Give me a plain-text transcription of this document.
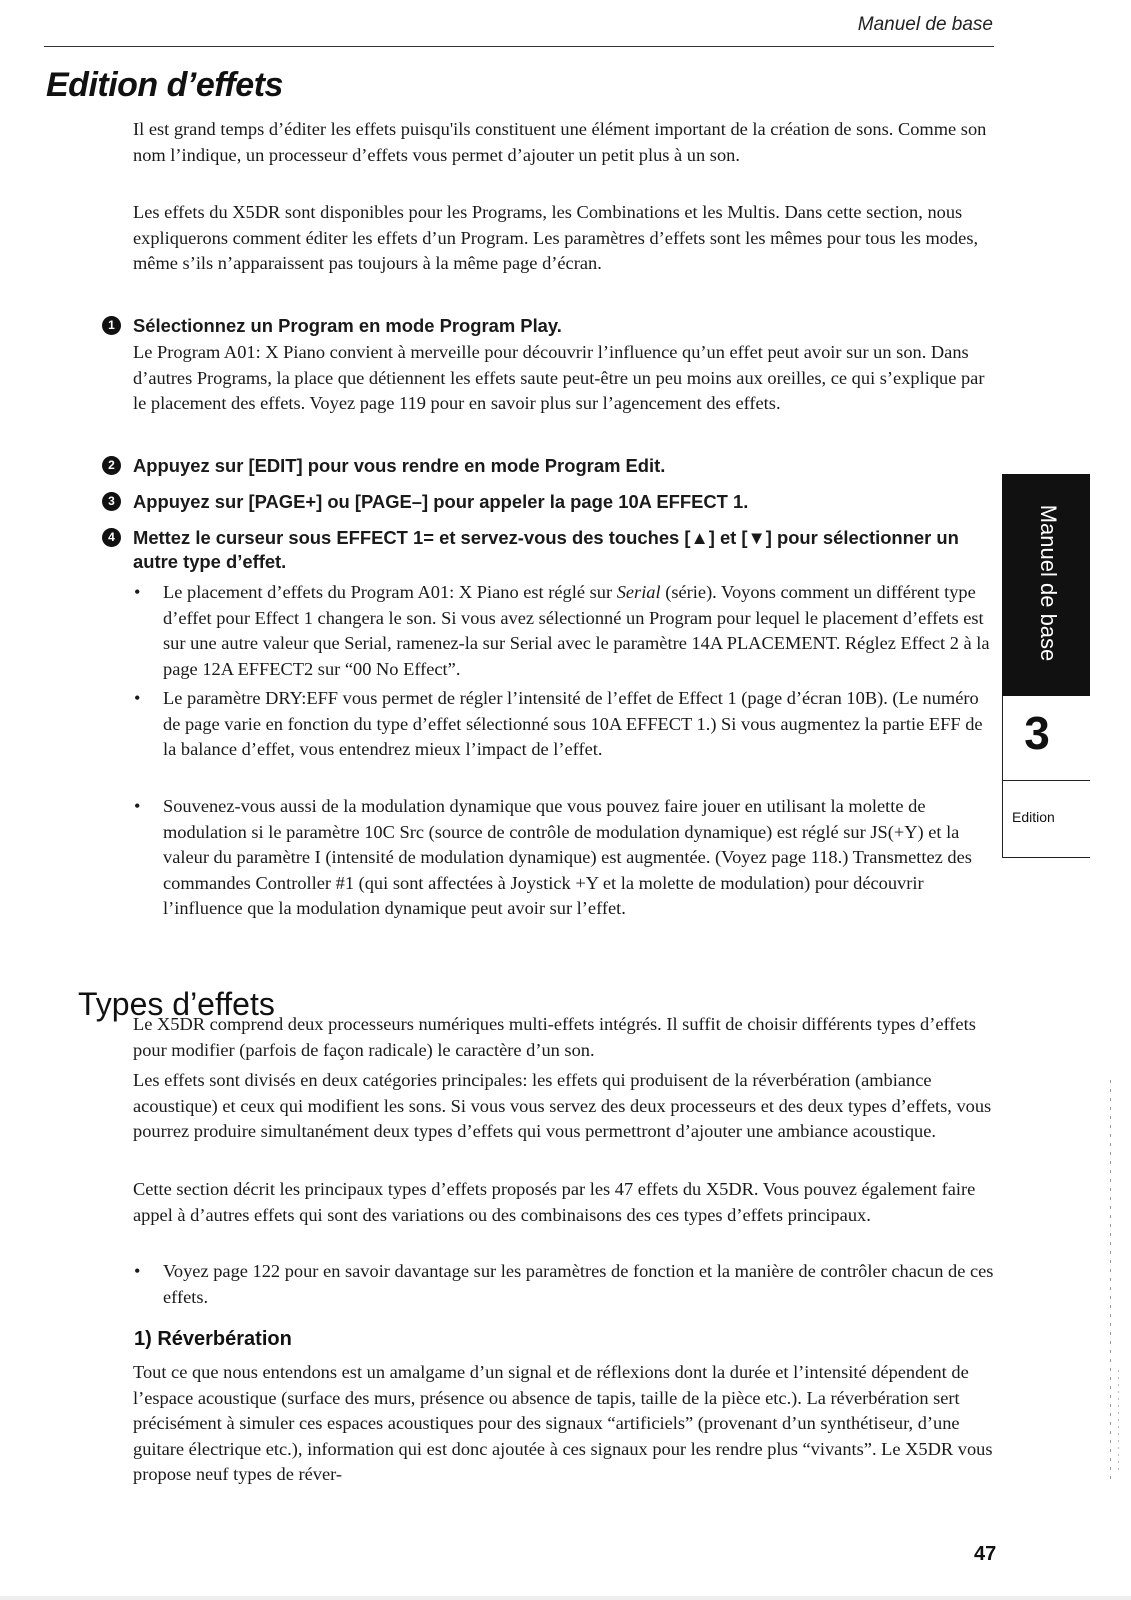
Manuel de base
Edition d’effets

Il est grand temps d’éditer les effets puisqu'ils constituent une élément important de la création de sons. Comme son nom l’indique, un processeur d’effets vous permet d’ajouter un petit plus à un son.

Les effets du X5DR sont disponibles pour les Programs, les Combinations et les Multis. Dans cette section, nous expliquerons comment éditer les effets d’un Program. Les paramètres d’effets sont les mêmes pour tous les modes, même s’ils n’apparaissent pas toujours à la même page d’écran.

1 Sélectionnez un Program en mode Program Play.

Le Program A01: X Piano convient à merveille pour découvrir l’influence qu’un effet peut avoir sur un son. Dans d’autres Programs, la place que détiennent les effets saute peut-être un peu moins aux oreilles, ce qui s’explique par le placement des effets. Voyez page 119 pour en savoir plus sur l’agencement des effets.

2 Appuyez sur [EDIT] pour vous rendre en mode Program Edit.
3 Appuyez sur [PAGE+] ou [PAGE–] pour appeler la page 10A EFFECT 1.
4 Mettez le curseur sous EFFECT 1= et servez-vous des touches [▲] et [▼] pour sélectionner un autre type d’effet.
• Le placement d’effets du Program A01: X Piano est réglé sur Serial (série). Voyons comment un différent type d’effet pour Effect 1 changera le son. Si vous avez sélectionné un Program pour lequel le placement d’effets est sur une autre valeur que Serial, ramenez-la sur Serial avec le paramètre 14A PLACEMENT. Réglez Effect 2 à la page 12A EFFECT2 sur “00 No Effect”.
• Le paramètre DRY:EFF vous permet de régler l’intensité de l’effet de Effect 1 (page d’écran 10B). (Le numéro de page varie en fonction du type d’effet sélectionné sous 10A EFFECT 1.) Si vous augmentez la partie EFF de la balance d’effet, vous entendrez mieux l’impact de l’effet.
• Souvenez-vous aussi de la modulation dynamique que vous pouvez faire jouer en utilisant la molette de modulation si le paramètre 10C Src (source de contrôle de modulation dynamique) est réglé sur JS(+Y) et la valeur du paramètre I (intensité de modulation dynamique) est augmentée. (Voyez page 118.) Transmettez des commandes Controller #1 (qui sont affectées à Joystick +Y et la molette de modulation) pour découvrir l’influence que la modulation dynamique peut avoir sur l’effet.
Types d’effets

Le X5DR comprend deux processeurs numériques multi-effets intégrés. Il suffit de choisir différents types d’effets pour modifier (parfois de façon radicale) le caractère d’un son.

Les effets sont divisés en deux catégories principales: les effets qui produisent de la réverbération (ambiance acoustique) et ceux qui modifient les sons. Si vous vous servez des deux processeurs et des deux types d’effets, vous pourrez produire simultanément deux types d’effets qui vous permettront d’ajouter une ambiance acoustique.

Cette section décrit les principaux types d’effets proposés par les 47 effets du X5DR. Vous pouvez également faire appel à d’autres effets qui sont des variations ou des combinaisons des ces types d’effets principaux.

• Voyez page 122 pour en savoir davantage sur les paramètres de fonction et la manière de contrôler chacun de ces effets.
1) Réverbération

Tout ce que nous entendons est un amalgame d’un signal et de réflexions dont la durée et l’intensité dépendent de l’espace acoustique (surface des murs, présence ou absence de tapis, taille de la pièce etc.). La réverbération sert précisément à simuler ces espaces acoustiques pour des signaux “artificiels” (provenant d’un synthétiseur, d’une guitare électrique etc.), information qui est donc ajoutée à ces signaux pour les rendre plus “vivants”. Le X5DR vous propose neuf types de réver-

Manuel de base
3
Edition
47
